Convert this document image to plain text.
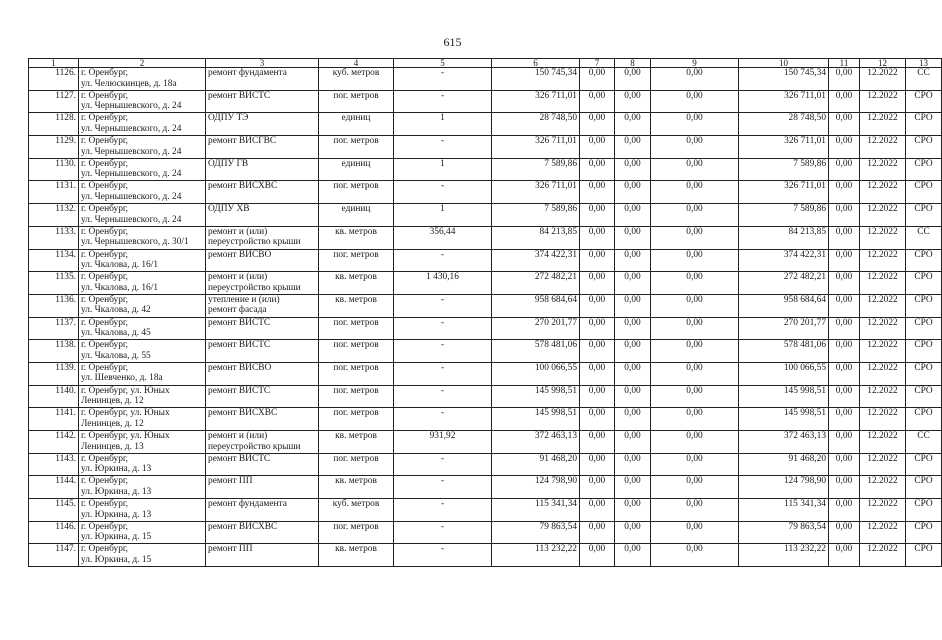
615
1	2	3	4	5	6	7	8	9	10	11	12	13
1126.	г. Оренбург,
ул. Челюскинцев, д. 18а	ремонт фундамента	куб. метров	-	150 745,34	0,00	0,00	0,00	150 745,34	0,00	12.2022	СС
1127.	г. Оренбург,
ул. Чернышевского, д. 24	ремонт ВИСТС	пог. метров	-	326 711,01	0,00	0,00	0,00	326 711,01	0,00	12.2022	СРО
1128.	г. Оренбург,
ул. Чернышевского, д. 24	ОДПУ ТЭ	единиц	1	28 748,50	0,00	0,00	0,00	28 748,50	0,00	12.2022	СРО
1129.	г. Оренбург,
ул. Чернышевского, д. 24	ремонт ВИСГВС	пог. метров	-	326 711,01	0,00	0,00	0,00	326 711,01	0,00	12.2022	СРО
1130.	г. Оренбург,
ул. Чернышевского, д. 24	ОДПУ ГВ	единиц	1	7 589,86	0,00	0,00	0,00	7 589,86	0,00	12.2022	СРО
1131.	г. Оренбург,
ул. Чернышевского, д. 24	ремонт ВИСХВС	пог. метров	-	326 711,01	0,00	0,00	0,00	326 711,01	0,00	12.2022	СРО
1132.	г. Оренбург,
ул. Чернышевского, д. 24	ОДПУ ХВ	единиц	1	7 589,86	0,00	0,00	0,00	7 589,86	0,00	12.2022	СРО
1133.	г. Оренбург,
ул. Чернышевского, д. 30/1	ремонт и (или)
переустройство крыши	кв. метров	356,44	84 213,85	0,00	0,00	0,00	84 213,85	0,00	12.2022	СС
1134.	г. Оренбург,
ул. Чкалова, д. 16/1	ремонт ВИСВО	пог. метров	-	374 422,31	0,00	0,00	0,00	374 422,31	0,00	12.2022	СРО
1135.	г. Оренбург,
ул. Чкалова, д. 16/1	ремонт и (или)
переустройство крыши	кв. метров	1 430,16	272 482,21	0,00	0,00	0,00	272 482,21	0,00	12.2022	СРО
1136.	г. Оренбург,
ул. Чкалова, д. 42	утепление и (или)
ремонт фасада	кв. метров	-	958 684,64	0,00	0,00	0,00	958 684,64	0,00	12.2022	СРО
1137.	г. Оренбург,
ул. Чкалова, д. 45	ремонт ВИСТС	пог. метров	-	270 201,77	0,00	0,00	0,00	270 201,77	0,00	12.2022	СРО
1138.	г. Оренбург,
ул. Чкалова, д. 55	ремонт ВИСТС	пог. метров	-	578 481,06	0,00	0,00	0,00	578 481,06	0,00	12.2022	СРО
1139.	г. Оренбург,
ул. Шевченко, д. 18а	ремонт ВИСВО	пог. метров	-	100 066,55	0,00	0,00	0,00	100 066,55	0,00	12.2022	СРО
1140.	г. Оренбург, ул. Юных
Ленинцев, д. 12	ремонт ВИСТС	пог. метров	-	145 998,51	0,00	0,00	0,00	145 998,51	0,00	12.2022	СРО
1141.	г. Оренбург, ул. Юных
Ленинцев, д. 12	ремонт ВИСХВС	пог. метров	-	145 998,51	0,00	0,00	0,00	145 998,51	0,00	12.2022	СРО
1142.	г. Оренбург, ул. Юных
Ленинцев, д. 13	ремонт и (или)
переустройство крыши	кв. метров	931,92	372 463,13	0,00	0,00	0,00	372 463,13	0,00	12.2022	СС
1143.	г. Оренбург,
ул. Юркина, д. 13	ремонт ВИСТС	пог. метров	-	91 468,20	0,00	0,00	0,00	91 468,20	0,00	12.2022	СРО
1144.	г. Оренбург,
ул. Юркина, д. 13	ремонт ПП	кв. метров	-	124 798,90	0,00	0,00	0,00	124 798,90	0,00	12.2022	СРО
1145.	г. Оренбург,
ул. Юркина, д. 13	ремонт фундамента	куб. метров	-	115 341,34	0,00	0,00	0,00	115 341,34	0,00	12.2022	СРО
1146.	г. Оренбург,
ул. Юркина, д. 15	ремонт ВИСХВС	пог. метров	-	79 863,54	0,00	0,00	0,00	79 863,54	0,00	12.2022	СРО
1147.	г. Оренбург,
ул. Юркина, д. 15	ремонт ПП	кв. метров	-	113 232,22	0,00	0,00	0,00	113 232,22	0,00	12.2022	СРО
